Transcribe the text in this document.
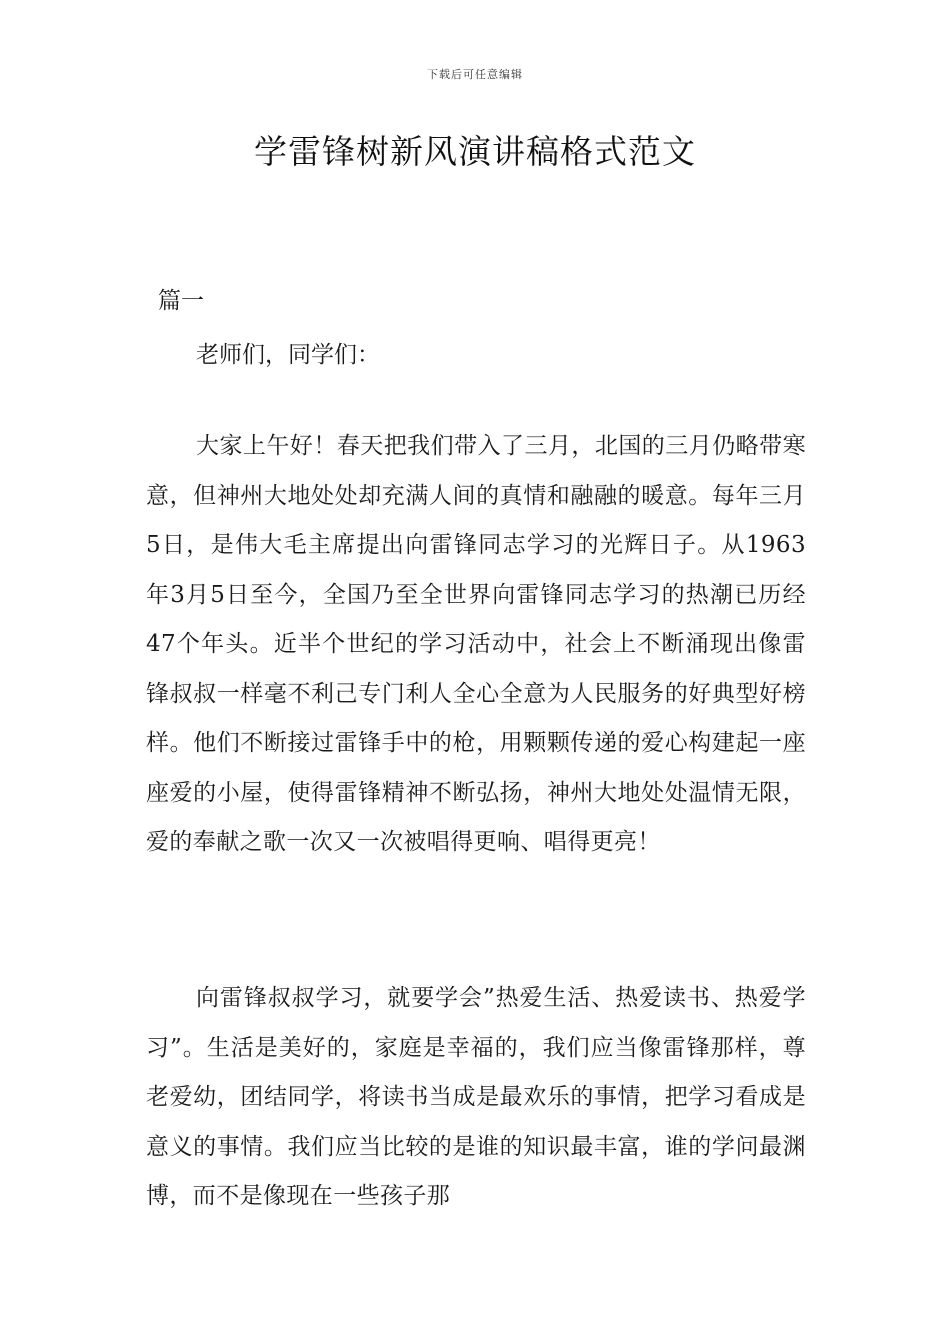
下载后可任意编辑
学雷锋树新风演讲稿格式范文
篇一
老师们，同学们：

大家上午好！春天把我们带入了三月，北国的三月仍略带寒意，但神州大地处处却充满人间的真情和融融的暖意。每年三月5日，是伟大毛主席提出向雷锋同志学习的光辉日子。从1963年3月5日至今，全国乃至全世界向雷锋同志学习的热潮已历经47个年头。近半个世纪的学习活动中，社会上不断涌现出像雷锋叔叔一样毫不利己专门利人全心全意为人民服务的好典型好榜样。他们不断接过雷锋手中的枪，用颗颗传递的爱心构建起一座座爱的小屋，使得雷锋精神不断弘扬，神州大地处处温情无限，爱的奉献之歌一次又一次被唱得更响、唱得更亮！

向雷锋叔叔学习，就要学会”热爱生活、热爱读书、热爱学习”。生活是美好的，家庭是幸福的，我们应当像雷锋那样，尊老爱幼，团结同学，将读书当成是最欢乐的事情，把学习看成是意义的事情。我们应当比较的是谁的知识最丰富，谁的学问最渊博，而不是像现在一些孩子那
